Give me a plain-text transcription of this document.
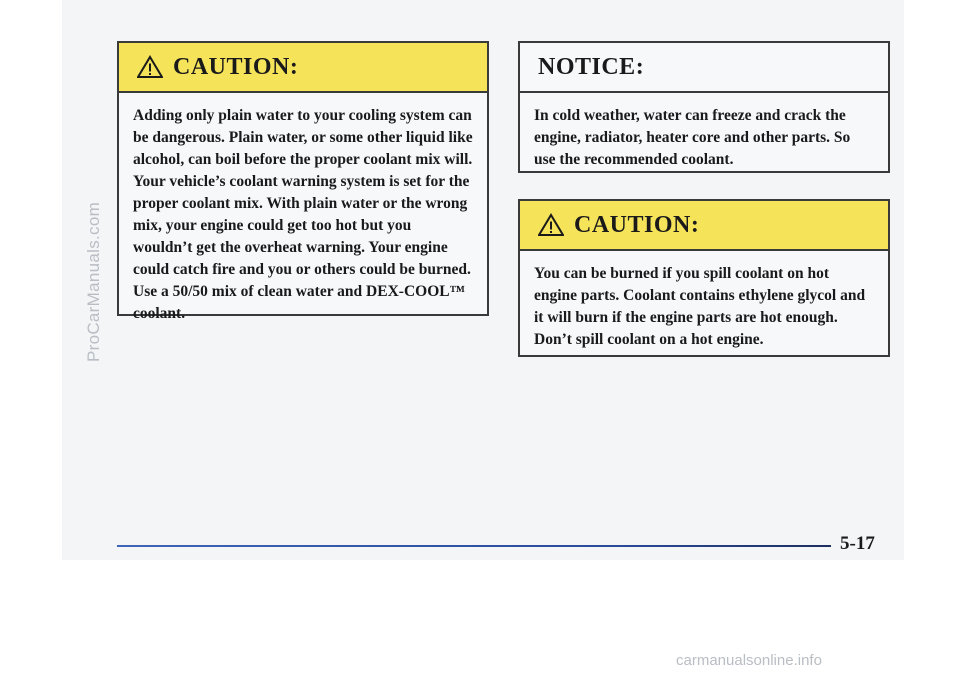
ProCarManuals.com
CAUTION:
Adding only plain water to your cooling system can be dangerous. Plain water, or some other liquid like alcohol, can boil before the proper coolant mix will. Your vehicle’s coolant warning system is set for the proper coolant mix. With plain water or the wrong mix, your engine could get too hot but you wouldn’t get the overheat warning. Your engine could catch fire and you or others could be burned. Use a 50/50 mix of clean water and DEX-COOL™ coolant.
NOTICE:
In cold weather, water can freeze and crack the engine, radiator, heater core and other parts. So use the recommended coolant.
CAUTION:
You can be burned if you spill coolant on hot engine parts. Coolant contains ethylene glycol and it will burn if the engine parts are hot enough. Don’t spill coolant on a hot engine.
5-17
carmanualsonline.info
